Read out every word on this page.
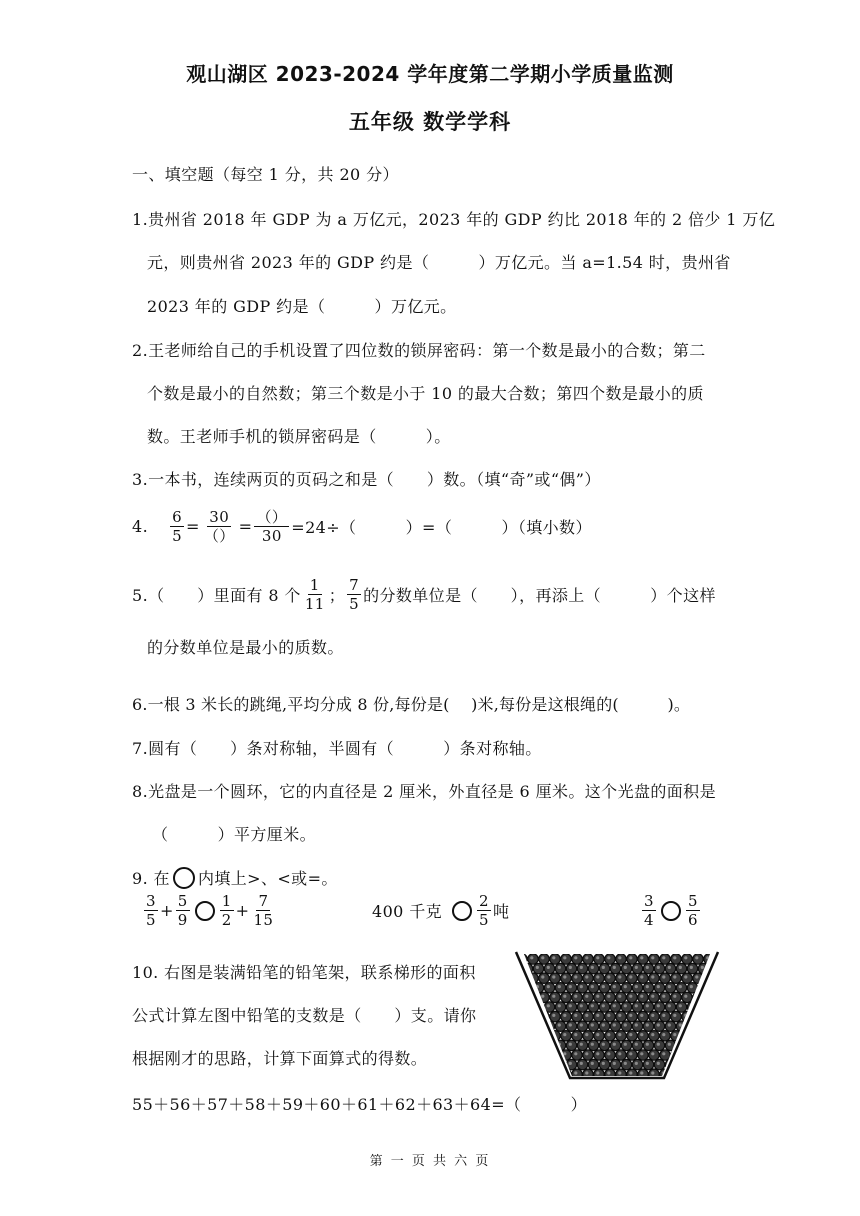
观山湖区 2023-2024 学年度第二学期小学质量监测
五年级 数学学科
一、填空题（每空 1 分，共 20 分）
1.贵州省 2018 年 GDP 为 a 万亿元，2023 年的 GDP 约比 2018 年的 2 倍少 1 万亿
元，则贵州省 2023 年的 GDP 约是（　　　）万亿元。当 a=1.54 时，贵州省
2023 年的 GDP 约是（　　　）万亿元。
2.王老师给自己的手机设置了四位数的锁屏密码：第一个数是最小的合数；第二
个数是最小的自然数；第三个数是小于 10 的最大合数；第四个数是最小的质
数。王老师手机的锁屏密码是（　　　）。
3.一本书，连续两页的页码之和是（　　）数。（填“奇”或“偶”）
4. $\frac{6}{5} = \frac{30}{()} = \frac{()}{30} =24\div$（　　　）=（　　　）（填小数）
5.（　　）里面有 8 个 $\frac{1}{11}$ ； $\frac{7}{5}$ 的分数单位是（　　），再添上（　　　）个这样
的分数单位是最小的质数。
6.一根 3 米长的跳绳,平均分成 8 份,每份是(　 )米,每份是这根绳的(　　　)。
7.圆有（　　）条对称轴，半圆有（　　　）条对称轴。
8.光盘是一个圆环，它的内直径是 2 厘米，外直径是 6 厘米。这个光盘的面积是
（　　　）平方厘米。
9. 在 内填上>、<或=。
$\frac{3}{5} + \frac{5}{9} \frac{1}{2} + \frac{7}{15}$	400 千克 $\frac{2}{5}$ 吨	$\frac{3}{4} \frac{5}{6}$
10. 右图是装满铅笔的铅笔架，联系梯形的面积
公式计算左图中铅笔的支数是（　　）支。请你
根据刚才的思路，计算下面算式的得数。
55＋56＋57＋58＋59＋60＋61＋62＋63＋64=（　　　）
第 一 页 共 六 页
